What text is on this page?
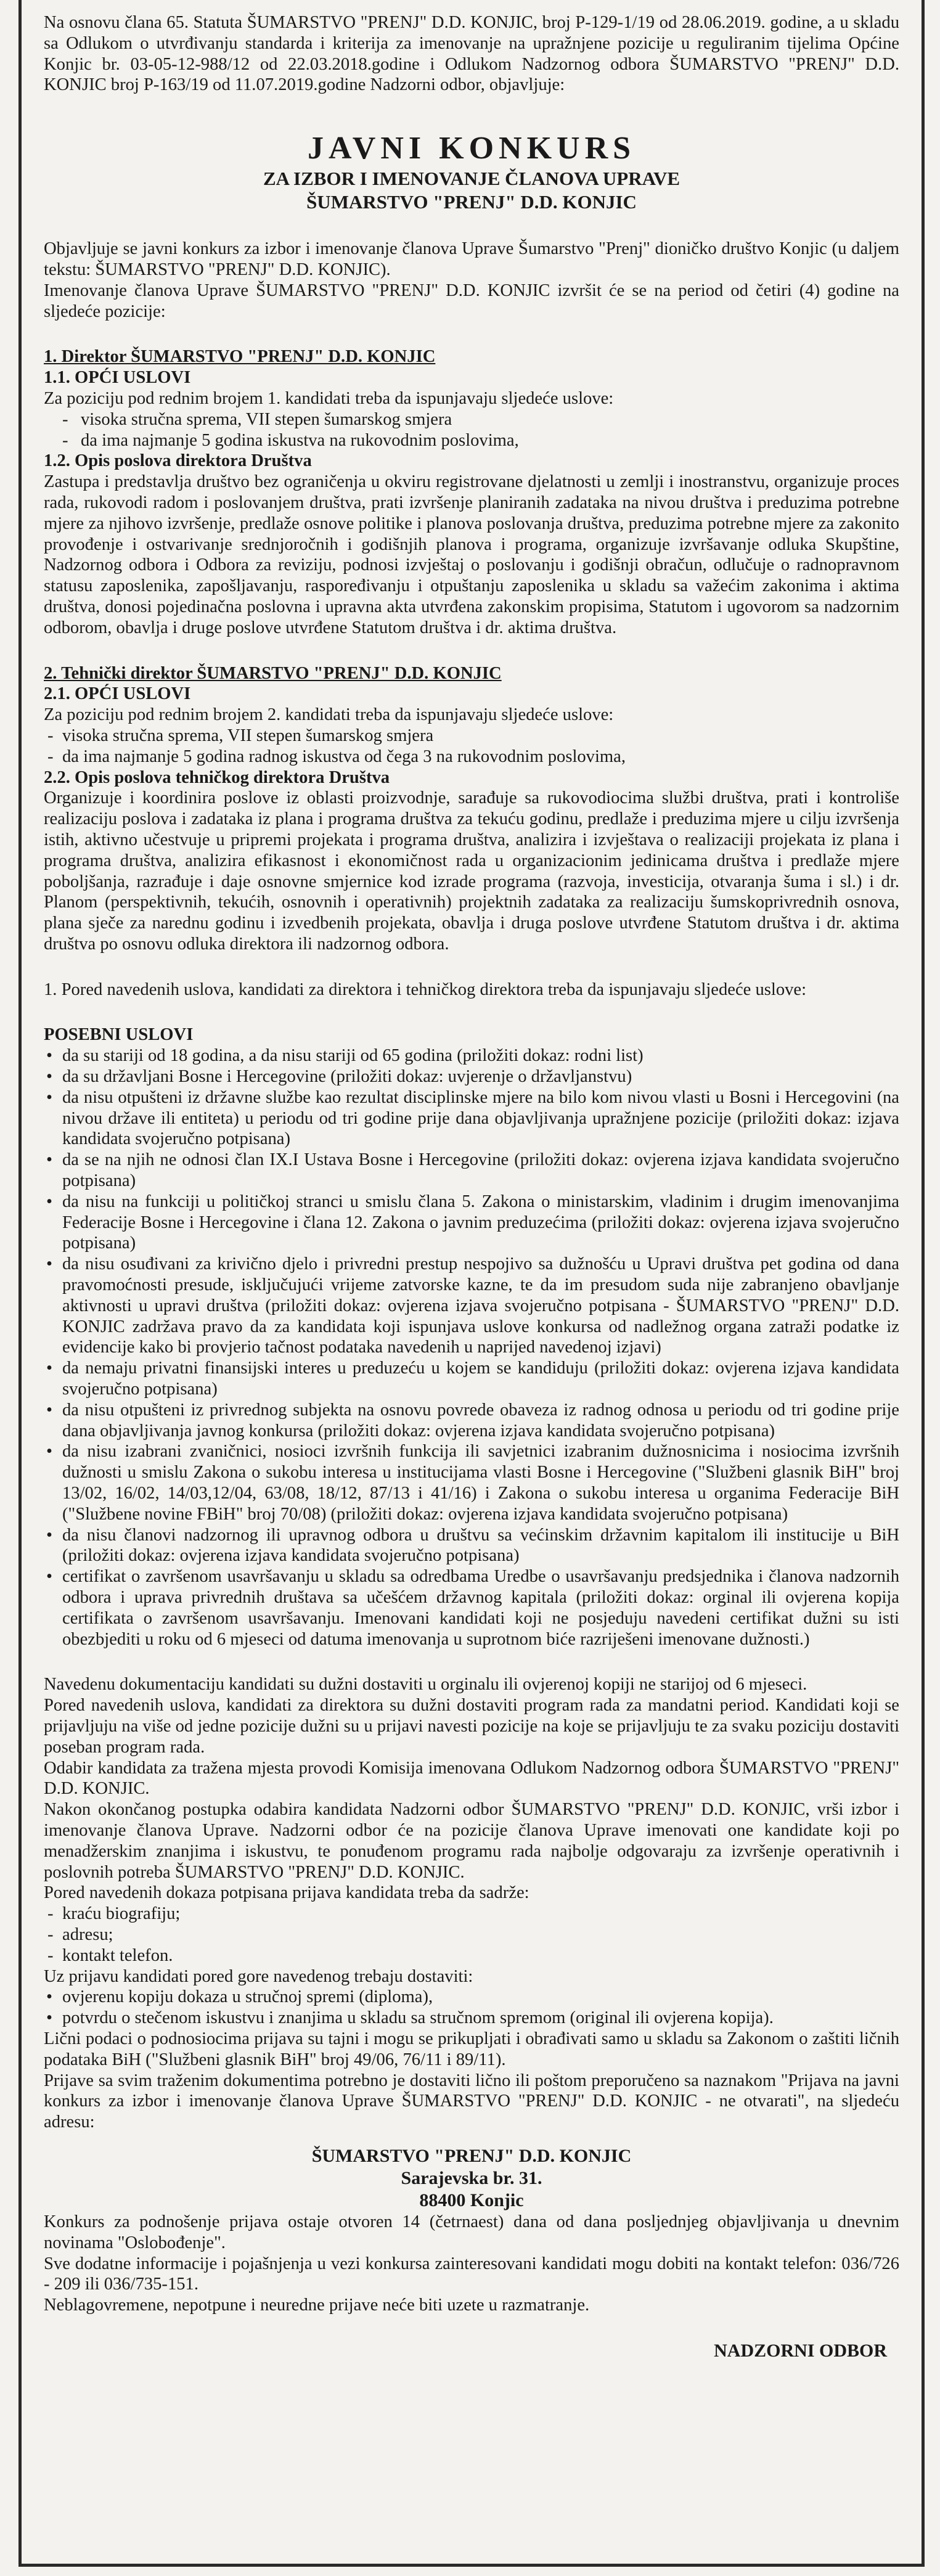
Na osnovu člana 65. Statuta ŠUMARSTVO "PRENJ" D.D. KONJIC, broj P-129-1/19 od 28.06.2019. godine, a u skladu sa Odlukom o utvrđivanju standarda i kriterija za imenovanje na upražnjene pozicije u reguliranim tijelima Općine Konjic br. 03-05-12-988/12 od 22.03.2018.godine i Odlukom Nadzornog odbora ŠUMARSTVO "PRENJ" D.D. KONJIC broj P-163/19 od 11.07.2019.godine Nadzorni odbor, objavljuje:

JAVNI KONKURS
ZA IZBOR I IMENOVANJE ČLANOVA UPRAVE
ŠUMARSTVO "PRENJ" D.D. KONJIC

Objavljuje se javni konkurs za izbor i imenovanje članova Uprave Šumarstvo "Prenj" dioničko društvo Konjic (u daljem tekstu: ŠUMARSTVO "PRENJ" D.D. KONJIC).

Imenovanje članova Uprave ŠUMARSTVO "PRENJ" D.D. KONJIC izvršit će se na period od četiri (4) godine na sljedeće pozicije:

1. Direktor ŠUMARSTVO "PRENJ" D.D. KONJIC
1.1. OPĆI USLOVI

Za poziciju pod rednim brojem 1. kandidati treba da ispunjavaju sljedeće uslove:

- visoka stručna sprema, VII stepen šumarskog smjera
- da ima najmanje 5 godina iskustva na rukovodnim poslovima,
1.2. Opis poslova direktora Društva

Zastupa i predstavlja društvo bez ograničenja u okviru registrovane djelatnosti u zemlji i inostranstvu, organizuje proces rada, rukovodi radom i poslovanjem društva, prati izvršenje planiranih zadataka na nivou društva i preduzima potrebne mjere za njihovo izvršenje, predlaže osnove politike i planova poslovanja društva, preduzima potrebne mjere za zakonito provođenje i ostvarivanje srednjoročnih i godišnjih planova i programa, organizuje izvršavanje odluka Skupštine, Nadzornog odbora i Odbora za reviziju, podnosi izvještaj o poslovanju i godišnji obračun, odlučuje o radnopravnom statusu zaposlenika, zapošljavanju, raspoređivanju i otpuštanju zaposlenika u skladu sa važećim zakonima i aktima društva, donosi pojedinačna poslovna i upravna akta utvrđena zakonskim propisima, Statutom i ugovorom sa nadzornim odborom, obavlja i druge poslove utvrđene Statutom društva i dr. aktima društva.

2. Tehnički direktor ŠUMARSTVO "PRENJ" D.D. KONJIC
2.1. OPĆI USLOVI

Za poziciju pod rednim brojem 2. kandidati treba da ispunjavaju sljedeće uslove:

- visoka stručna sprema, VII stepen šumarskog smjera
- da ima najmanje 5 godina radnog iskustva od čega 3 na rukovodnim poslovima,
2.2. Opis poslova tehničkog direktora Društva

Organizuje i koordinira poslove iz oblasti proizvodnje, sarađuje sa rukovodiocima službi društva, prati i kontroliše realizaciju poslova i zadataka iz plana i programa društva za tekuću godinu, predlaže i preduzima mjere u cilju izvršenja istih, aktivno učestvuje u pripremi projekata i programa društva, analizira i izvještava o realizaciji projekata iz plana i programa društva, analizira efikasnost i ekonomičnost rada u organizacionim jedinicama društva i predlaže mjere poboljšanja, razrađuje i daje osnovne smjernice kod izrade programa (razvoja, investicija, otvaranja šuma i sl.) i dr. Planom (perspektivnih, tekućih, osnovnih i operativnih) projektnih zadataka za realizaciju šumskoprivrednih osnova, plana sječe za narednu godinu i izvedbenih projekata, obavlja i druga poslove utvrđene Statutom društva i dr. aktima društva po osnovu odluka direktora ili nadzornog odbora.

1. Pored navedenih uslova, kandidati za direktora i tehničkog direktora treba da ispunjavaju sljedeće uslove:

POSEBNI USLOVI
• da su stariji od 18 godina, a da nisu stariji od 65 godina (priložiti dokaz: rodni list)
• da su državljani Bosne i Hercegovine (priložiti dokaz: uvjerenje o državljanstvu)
• da nisu otpušteni iz državne službe kao rezultat disciplinske mjere na bilo kom nivou vlasti u Bosni i Hercegovini (na nivou države ili entiteta) u periodu od tri godine prije dana objavljivanja upražnjene pozicije (priložiti dokaz: izjava kandidata svojeručno potpisana)
• da se na njih ne odnosi član IX.I Ustava Bosne i Hercegovine (priložiti dokaz: ovjerena izjava kandidata svojeručno potpisana)
• da nisu na funkciji u političkoj stranci u smislu člana 5. Zakona o ministarskim, vladinim i drugim imenovanjima Federacije Bosne i Hercegovine i člana 12. Zakona o javnim preduzećima (priložiti dokaz: ovjerena izjava svojeručno potpisana)
• da nisu osuđivani za krivično djelo i privredni prestup nespojivo sa dužnošću u Upravi društva pet godina od dana pravomoćnosti presude, isključujući vrijeme zatvorske kazne, te da im presudom suda nije zabranjeno obavljanje aktivnosti u upravi društva (priložiti dokaz: ovjerena izjava svojeručno potpisana - ŠUMARSTVO "PRENJ" D.D. KONJIC zadržava pravo da za kandidata koji ispunjava uslove konkursa od nadležnog organa zatraži podatke iz evidencije kako bi provjerio tačnost podataka navedenih u naprijed navedenoj izjavi)
• da nemaju privatni finansijski interes u preduzeću u kojem se kandiduju (priložiti dokaz: ovjerena izjava kandidata svojeručno potpisana)
• da nisu otpušteni iz privrednog subjekta na osnovu povrede obaveza iz radnog odnosa u periodu od tri godine prije dana objavljivanja javnog konkursa (priložiti dokaz: ovjerena izjava kandidata svojeručno potpisana)
• da nisu izabrani zvaničnici, nosioci izvršnih funkcija ili savjetnici izabranim dužnosnicima i nosiocima izvršnih dužnosti u smislu Zakona o sukobu interesa u institucijama vlasti Bosne i Hercegovine ("Službeni glasnik BiH" broj 13/02, 16/02, 14/03,12/04, 63/08, 18/12, 87/13 i 41/16) i Zakona o sukobu interesa u organima Federacije BiH ("Službene novine FBiH" broj 70/08) (priložiti dokaz: ovjerena izjava kandidata svojeručno potpisana)
• da nisu članovi nadzornog ili upravnog odbora u društvu sa većinskim državnim kapitalom ili institucije u BiH (priložiti dokaz: ovjerena izjava kandidata svojeručno potpisana)
• certifikat o završenom usavršavanju u skladu sa odredbama Uredbe o usavršavanju predsjednika i članova nadzornih odbora i uprava privrednih društava sa učešćem državnog kapitala (priložiti dokaz: orginal ili ovjerena kopija certifikata o završenom usavršavanju. Imenovani kandidati koji ne posjeduju navedeni certifikat dužni su isti obezbjediti u roku od 6 mjeseci od datuma imenovanja u suprotnom biće razriješeni imenovane dužnosti.)

Navedenu dokumentaciju kandidati su dužni dostaviti u orginalu ili ovjerenoj kopiji ne starijoj od 6 mjeseci.

Pored navedenih uslova, kandidati za direktora su dužni dostaviti program rada za mandatni period. Kandidati koji se prijavljuju na više od jedne pozicije dužni su u prijavi navesti pozicije na koje se prijavljuju te za svaku poziciju dostaviti poseban program rada.

Odabir kandidata za tražena mjesta provodi Komisija imenovana Odlukom Nadzornog odbora ŠUMARSTVO "PRENJ" D.D. KONJIC.

Nakon okončanog postupka odabira kandidata Nadzorni odbor ŠUMARSTVO "PRENJ" D.D. KONJIC, vrši izbor i imenovanje članova Uprave. Nadzorni odbor će na pozicije članova Uprave imenovati one kandidate koji po menadžerskim znanjima i iskustvu, te ponuđenom programu rada najbolje odgovaraju za izvršenje operativnih i poslovnih potreba ŠUMARSTVO "PRENJ" D.D. KONJIC.

Pored navedenih dokaza potpisana prijava kandidata treba da sadrže:

- kraću biografiju;
- adresu;
- kontakt telefon.

Uz prijavu kandidati pored gore navedenog trebaju dostaviti:

• ovjerenu kopiju dokaza u stručnoj spremi (diploma),
• potvrdu o stečenom iskustvu i znanjima u skladu sa stručnom spremom (original ili ovjerena kopija).

Lični podaci o podnosiocima prijava su tajni i mogu se prikupljati i obrađivati samo u skladu sa Zakonom o zaštiti ličnih podataka BiH ("Službeni glasnik BiH" broj 49/06, 76/11 i 89/11).

Prijave sa svim traženim dokumentima potrebno je dostaviti lično ili poštom preporučeno sa naznakom "Prijava na javni konkurs za izbor i imenovanje članova Uprave ŠUMARSTVO "PRENJ" D.D. KONJIC - ne otvarati", na sljedeću adresu:

ŠUMARSTVO "PRENJ" D.D. KONJIC
Sarajevska br. 31.
88400 Konjic

Konkurs za podnošenje prijava ostaje otvoren 14 (četrnaest) dana od dana posljednjeg objavljivanja u dnevnim novinama "Oslobođenje".

Sve dodatne informacije i pojašnjenja u vezi konkursa zainteresovani kandidati mogu dobiti na kontakt telefon: 036/726 - 209 ili 036/735-151.

Neblagovremene, nepotpune i neuredne prijave neće biti uzete u razmatranje.

NADZORNI ODBOR
